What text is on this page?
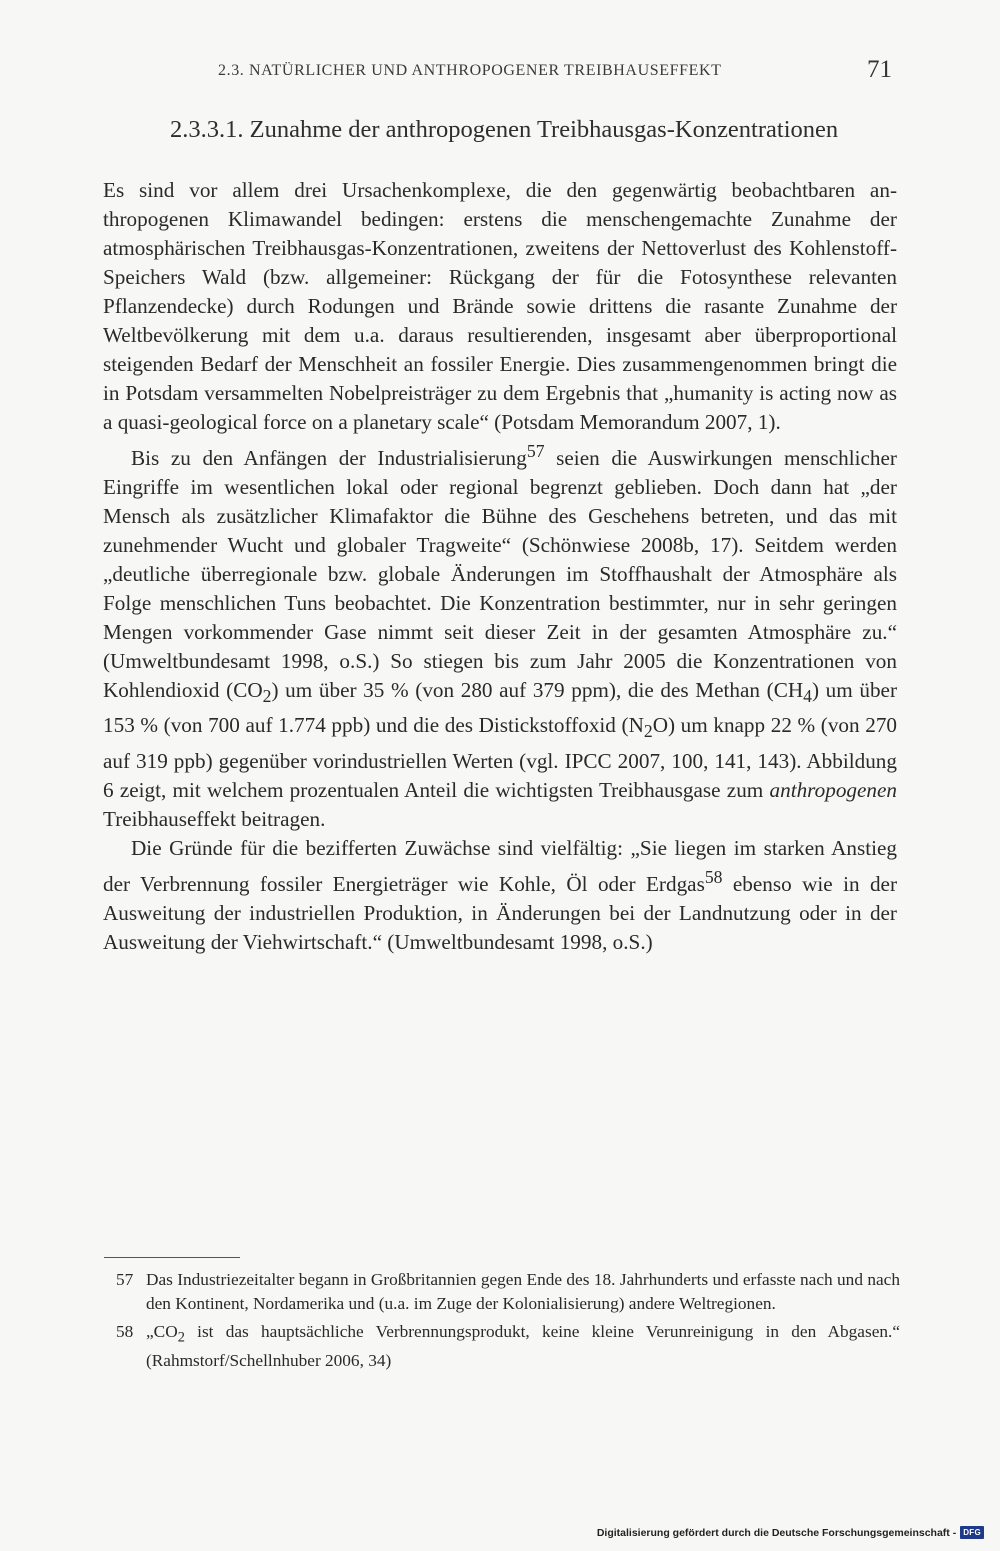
2.3. NATÜRLICHER UND ANTHROPOGENER TREIBHAUSEFFEKT	71
2.3.3.1. Zunahme der anthropogenen Treibhausgas-Konzentrationen

Es sind vor allem drei Ursachenkomplexe, die den gegenwärtig beobachtbaren anthropogenen Klimawandel bedingen: erstens die menschengemachte Zunahme der atmosphärischen Treibhausgas-Konzentrationen, zweitens der Nettoverlust des Kohlenstoff-Speichers Wald (bzw. allgemeiner: Rückgang der für die Fotosynthese relevanten Pflanzendecke) durch Rodungen und Brände sowie drittens die rasante Zunahme der Weltbevölkerung mit dem u.a. daraus resultierenden, insgesamt aber überproportional steigenden Bedarf der Menschheit an fossiler Energie. Dies zusammengenommen bringt die in Potsdam versammelten Nobelpreisträger zu dem Ergebnis that „humanity is acting now as a quasi-geological force on a planetary scale“ (Potsdam Memorandum 2007, 1).

Bis zu den Anfängen der Industrialisierung$^{57}$ seien die Auswirkungen menschlicher Eingriffe im wesentlichen lokal oder regional begrenzt geblieben. Doch dann hat „der Mensch als zusätzlicher Klimafaktor die Bühne des Geschehens betreten, und das mit zunehmender Wucht und globaler Tragweite“ (Schönwiese 2008b, 17). Seitdem werden „deutliche überregionale bzw. globale Änderungen im Stoffhaushalt der Atmosphäre als Folge menschlichen Tuns beobachtet. Die Konzentration bestimmter, nur in sehr geringen Mengen vorkommender Gase nimmt seit dieser Zeit in der gesamten Atmosphäre zu.“ (Umweltbundesamt 1998, o.S.) So stiegen bis zum Jahr 2005 die Konzentrationen von Kohlendioxid $(CO_2)$ um über 35 % (von 280 auf 379 ppm), die des Methan $(CH_4)$ um über 153 % (von 700 auf 1.774 ppb) und die des Distickstoffoxid $(N_2O)$ um knapp 22 % (von 270 auf 319 ppb) gegenüber vorindustriellen Werten (vgl. IPCC 2007, 100, 141, 143). Abbildung 6 zeigt, mit welchem prozentualen Anteil die wichtigsten Treibhausgase zum anthropogenen Treibhauseffekt beitragen.

Die Gründe für die bezifferten Zuwächse sind vielfältig: „Sie liegen im starken Anstieg der Verbrennung fossiler Energieträger wie Kohle, Öl oder Erdgas$^{58}$ ebenso wie in der Ausweitung der industriellen Produktion, in Änderungen bei der Landnutzung oder in der Ausweitung der Viehwirtschaft.“ (Umweltbundesamt 1998, o.S.)

57 Das Industriezeitalter begann in Großbritannien gegen Ende des 18. Jahrhunderts und erfasste nach und nach den Kontinent, Nordamerika und (u.a. im Zuge der Kolonialisierung) andere Weltregionen.

58 $„CO_2$ ist das hauptsächliche Verbrennungsprodukt, keine kleine Verunreinigung in den Abgasen.“ (Rahmstorf/Schellnhuber 2006, 34)

Digitalisierung gefördert durch die Deutsche Forschungsgemeinschaft - DFG
